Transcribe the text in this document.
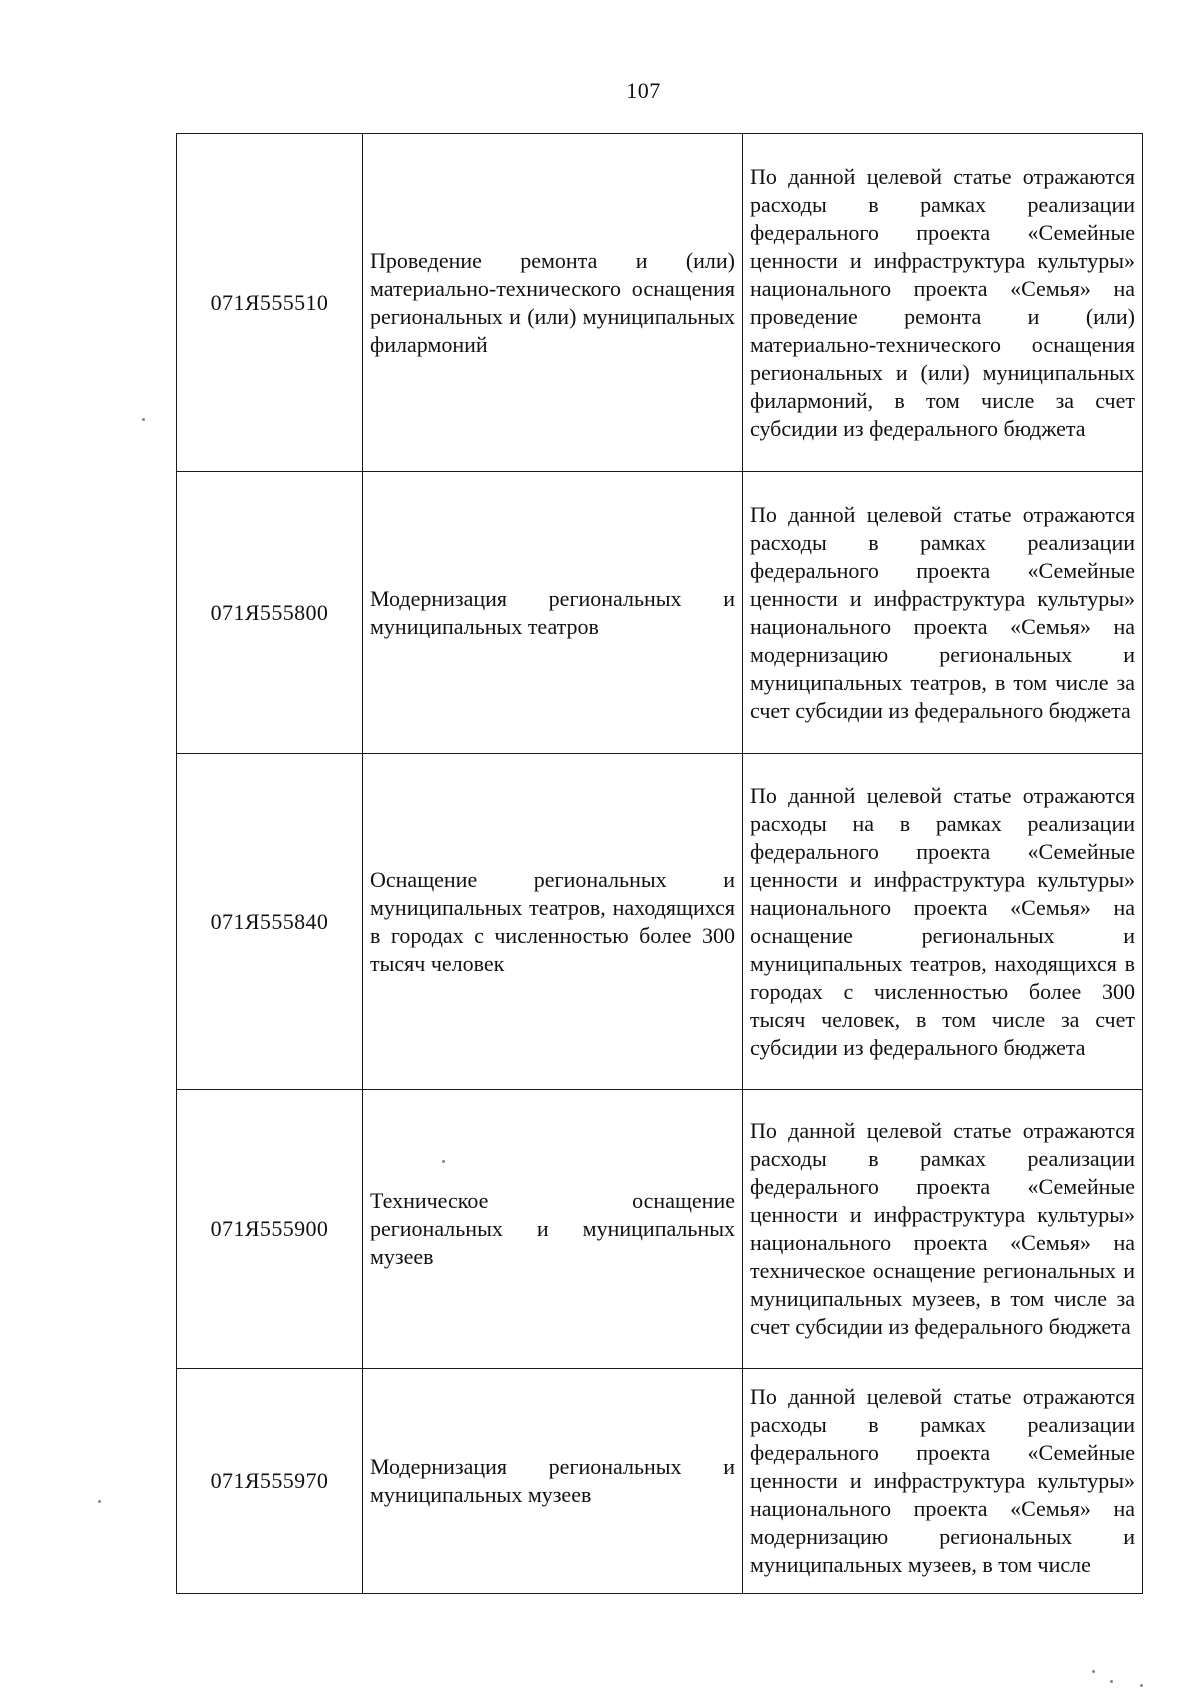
107
071Я555510	Проведение ремонта и (или) материально-технического оснащения региональных и (или) муниципальных филармоний	По данной целевой статье отражаются расходы в рамках реализации федерального проекта «Семейные ценности и инфраструктура культуры» национального проекта «Семья» на проведение ремонта и (или) материально-технического оснащения региональных и (или) муниципальных филармоний, в том числе за счет субсидии из федерального бюджета

071Я555800	Модернизация региональных и муниципальных театров	По данной целевой статье отражаются расходы в рамках реализации федерального проекта «Семейные ценности и инфраструктура культуры» национального проекта «Семья» на модернизацию региональных и муниципальных театров, в том числе за счет субсидии из федерального бюджета

071Я555840	Оснащение региональных и муниципальных театров, находящихся в городах с численностью более 300 тысяч человек	По данной целевой статье отражаются расходы на в рамках реализации федерального проекта «Семейные ценности и инфраструктура культуры» национального проекта «Семья» на оснащение региональных и муниципальных театров, находящихся в городах с численностью более 300 тысяч человек, в том числе за счет субсидии из федерального бюджета

071Я555900	Техническое оснащение региональных и муниципальных музеев	По данной целевой статье отражаются расходы в рамках реализации федерального проекта «Семейные ценности и инфраструктура культуры» национального проекта «Семья» на техническое оснащение региональных и муниципальных музеев, в том числе за счет субсидии из федерального бюджета

071Я555970	Модернизация региональных и муниципальных музеев	По данной целевой статье отражаются расходы в рамках реализации федерального проекта «Семейные ценности и инфраструктура культуры» национального проекта «Семья» на модернизацию региональных и муниципальных музеев, в том числе
